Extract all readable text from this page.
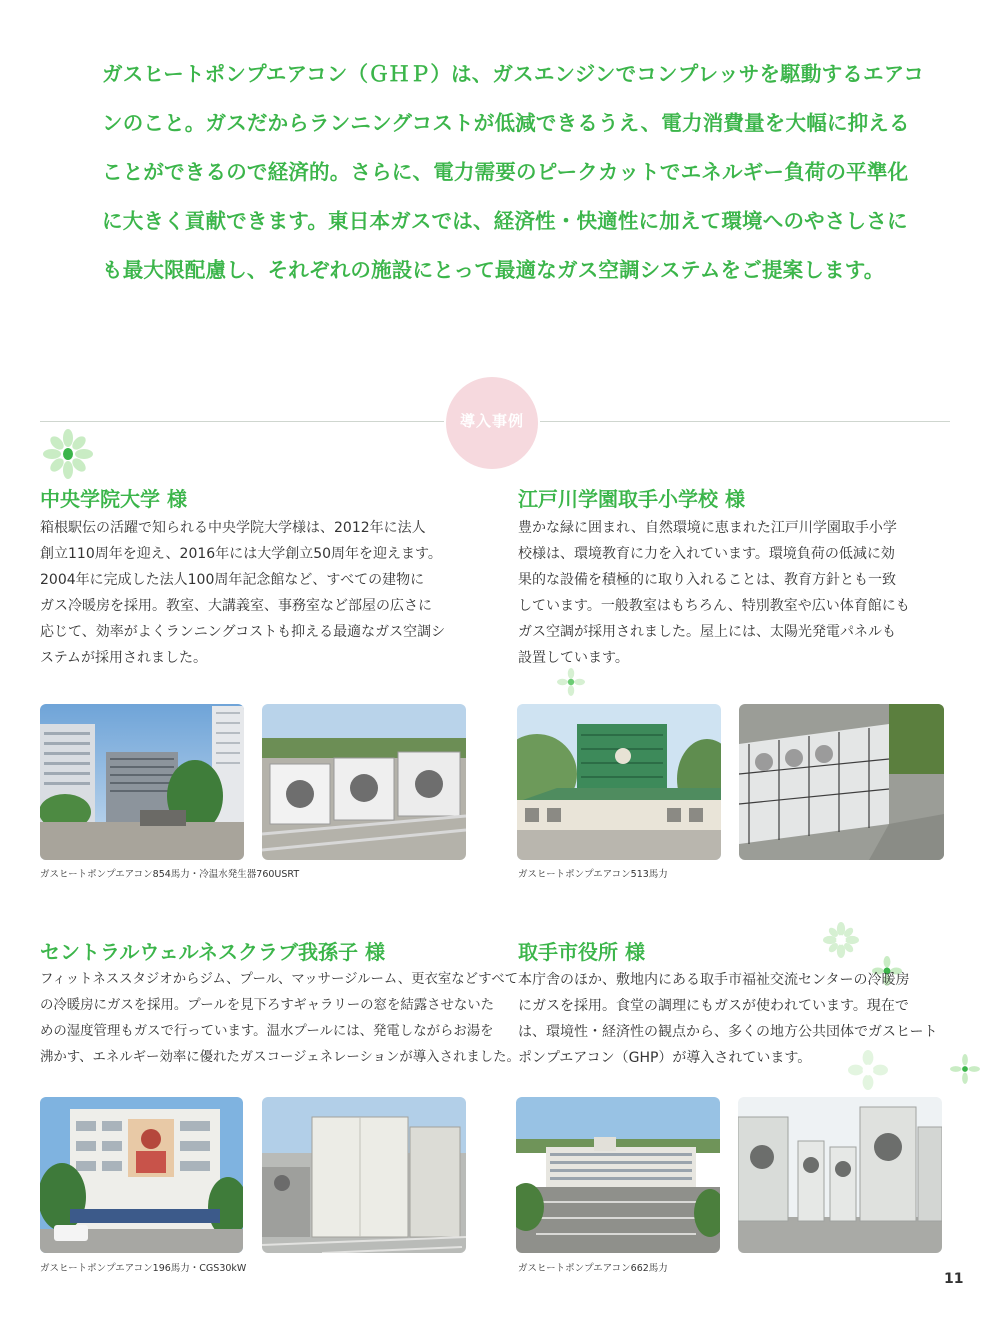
ガスヒートポンプエアコン（ＧＨＰ）は、ガスエンジンでコンプレッサを駆動するエアコ
ンのこと。ガスだからランニングコストが低減できるうえ、電力消費量を大幅に抑える
ことができるので経済的。さらに、電力需要のピークカットでエネルギー負荷の平準化
に大きく貢献できます。東日本ガスでは、経済性・快適性に加えて環境へのやさしさに
も最大限配慮し、それぞれの施設にとって最適なガス空調システムをご提案します。
導入事例
中央学院大学 様
箱根駅伝の活躍で知られる中央学院大学様は、2012年に法人
創立110周年を迎え、2016年には大学創立50周年を迎えます。
2004年に完成した法人100周年記念館など、すべての建物に
ガス冷暖房を採用。教室、大講義室、事務室など部屋の広さに
応じて、効率がよくランニングコストも抑える最適なガス空調シ
ステムが採用されました。
ガスヒートポンプエアコン854馬力・冷温水発生器760USRT
江戸川学園取手小学校 様
豊かな緑に囲まれ、自然環境に恵まれた江戸川学園取手小学
校様は、環境教育に力を入れています。環境負荷の低減に効
果的な設備を積極的に取り入れることは、教育方針とも一致
しています。一般教室はもちろん、特別教室や広い体育館にも
ガス空調が採用されました。屋上には、太陽光発電パネルも
設置しています。
ガスヒートポンプエアコン513馬力
セントラルウェルネスクラブ我孫子 様
フィットネススタジオからジム、プール、マッサージルーム、更衣室などすべて
の冷暖房にガスを採用。プールを見下ろすギャラリーの窓を結露させないた
めの湿度管理もガスで行っています。温水プールには、発電しながらお湯を
沸かす、エネルギー効率に優れたガスコージェネレーションが導入されました。
ガスヒートポンプエアコン196馬力・CGS30kW
取手市役所 様
本庁舎のほか、敷地内にある取手市福祉交流センターの冷暖房
にガスを採用。食堂の調理にもガスが使われています。現在で
は、環境性・経済性の観点から、多くの地方公共団体でガスヒート
ポンプエアコン（GHP）が導入されています。
ガスヒートポンプエアコン662馬力
11
